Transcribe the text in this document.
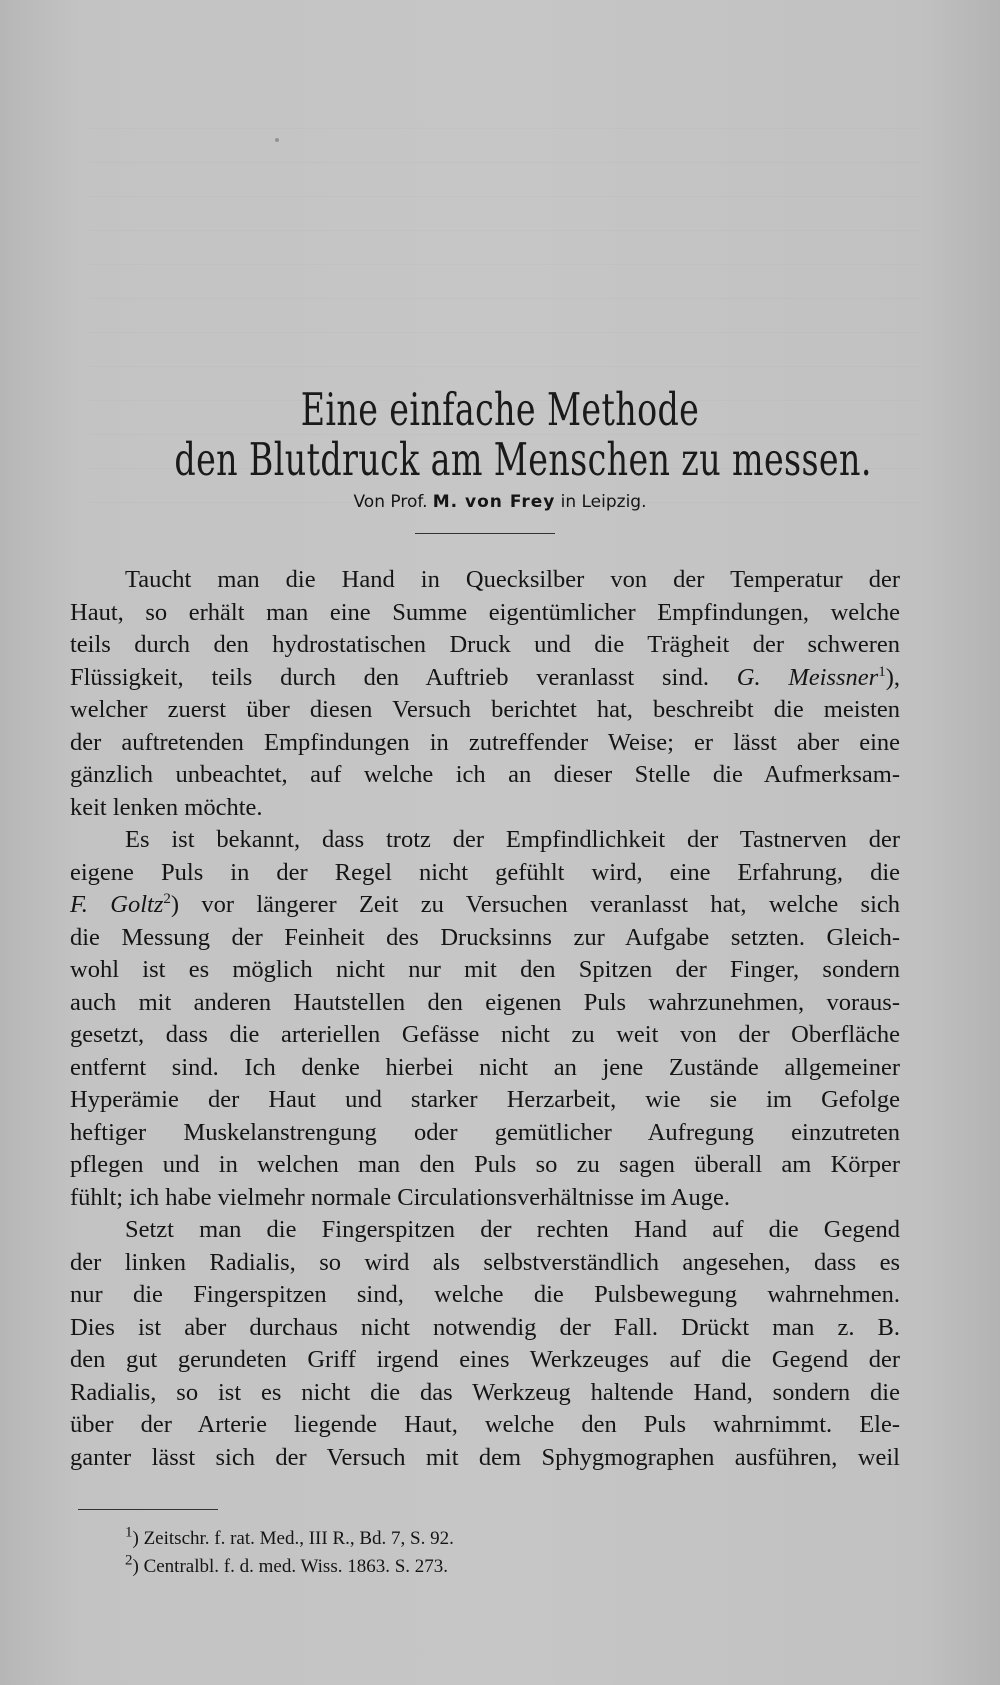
Eine einfache Methode
den Blutdruck am Menschen zu messen.
Von Prof. M. von Frey in Leipzig.
Taucht man die Hand in Quecksilber von der Temperatur der
Haut, so erhält man eine Summe eigentümlicher Empfindungen, welche
teils durch den hydrostatischen Druck und die Trägheit der schweren
Flüssigkeit, teils durch den Auftrieb veranlasst sind. G. Meissner$^1$),
welcher zuerst über diesen Versuch berichtet hat, beschreibt die meisten
der auftretenden Empfindungen in zutreffender Weise; er lässt aber eine
gänzlich unbeachtet, auf welche ich an dieser Stelle die Aufmerksam-
keit lenken möchte.
Es ist bekannt, dass trotz der Empfindlichkeit der Tastnerven der
eigene Puls in der Regel nicht gefühlt wird, eine Erfahrung, die
F. Goltz$^2$) vor längerer Zeit zu Versuchen veranlasst hat, welche sich
die Messung der Feinheit des Drucksinns zur Aufgabe setzten. Gleich-
wohl ist es möglich nicht nur mit den Spitzen der Finger, sondern
auch mit anderen Hautstellen den eigenen Puls wahrzunehmen, voraus-
gesetzt, dass die arteriellen Gefässe nicht zu weit von der Oberfläche
entfernt sind. Ich denke hierbei nicht an jene Zustände allgemeiner
Hyperämie der Haut und starker Herzarbeit, wie sie im Gefolge
heftiger Muskelanstrengung oder gemütlicher Aufregung einzutreten
pflegen und in welchen man den Puls so zu sagen überall am Körper
fühlt; ich habe vielmehr normale Circulationsverhältnisse im Auge.
Setzt man die Fingerspitzen der rechten Hand auf die Gegend
der linken Radialis, so wird als selbstverständlich angesehen, dass es
nur die Fingerspitzen sind, welche die Pulsbewegung wahrnehmen.
Dies ist aber durchaus nicht notwendig der Fall. Drückt man z. B.
den gut gerundeten Griff irgend eines Werkzeuges auf die Gegend der
Radialis, so ist es nicht die das Werkzeug haltende Hand, sondern die
über der Arterie liegende Haut, welche den Puls wahrnimmt. Ele-
ganter lässt sich der Versuch mit dem Sphygmographen ausführen, weil
$^1$) Zeitschr. f. rat. Med., III R., Bd. 7, S. 92.
$^2$) Centralbl. f. d. med. Wiss. 1863. S. 273.
